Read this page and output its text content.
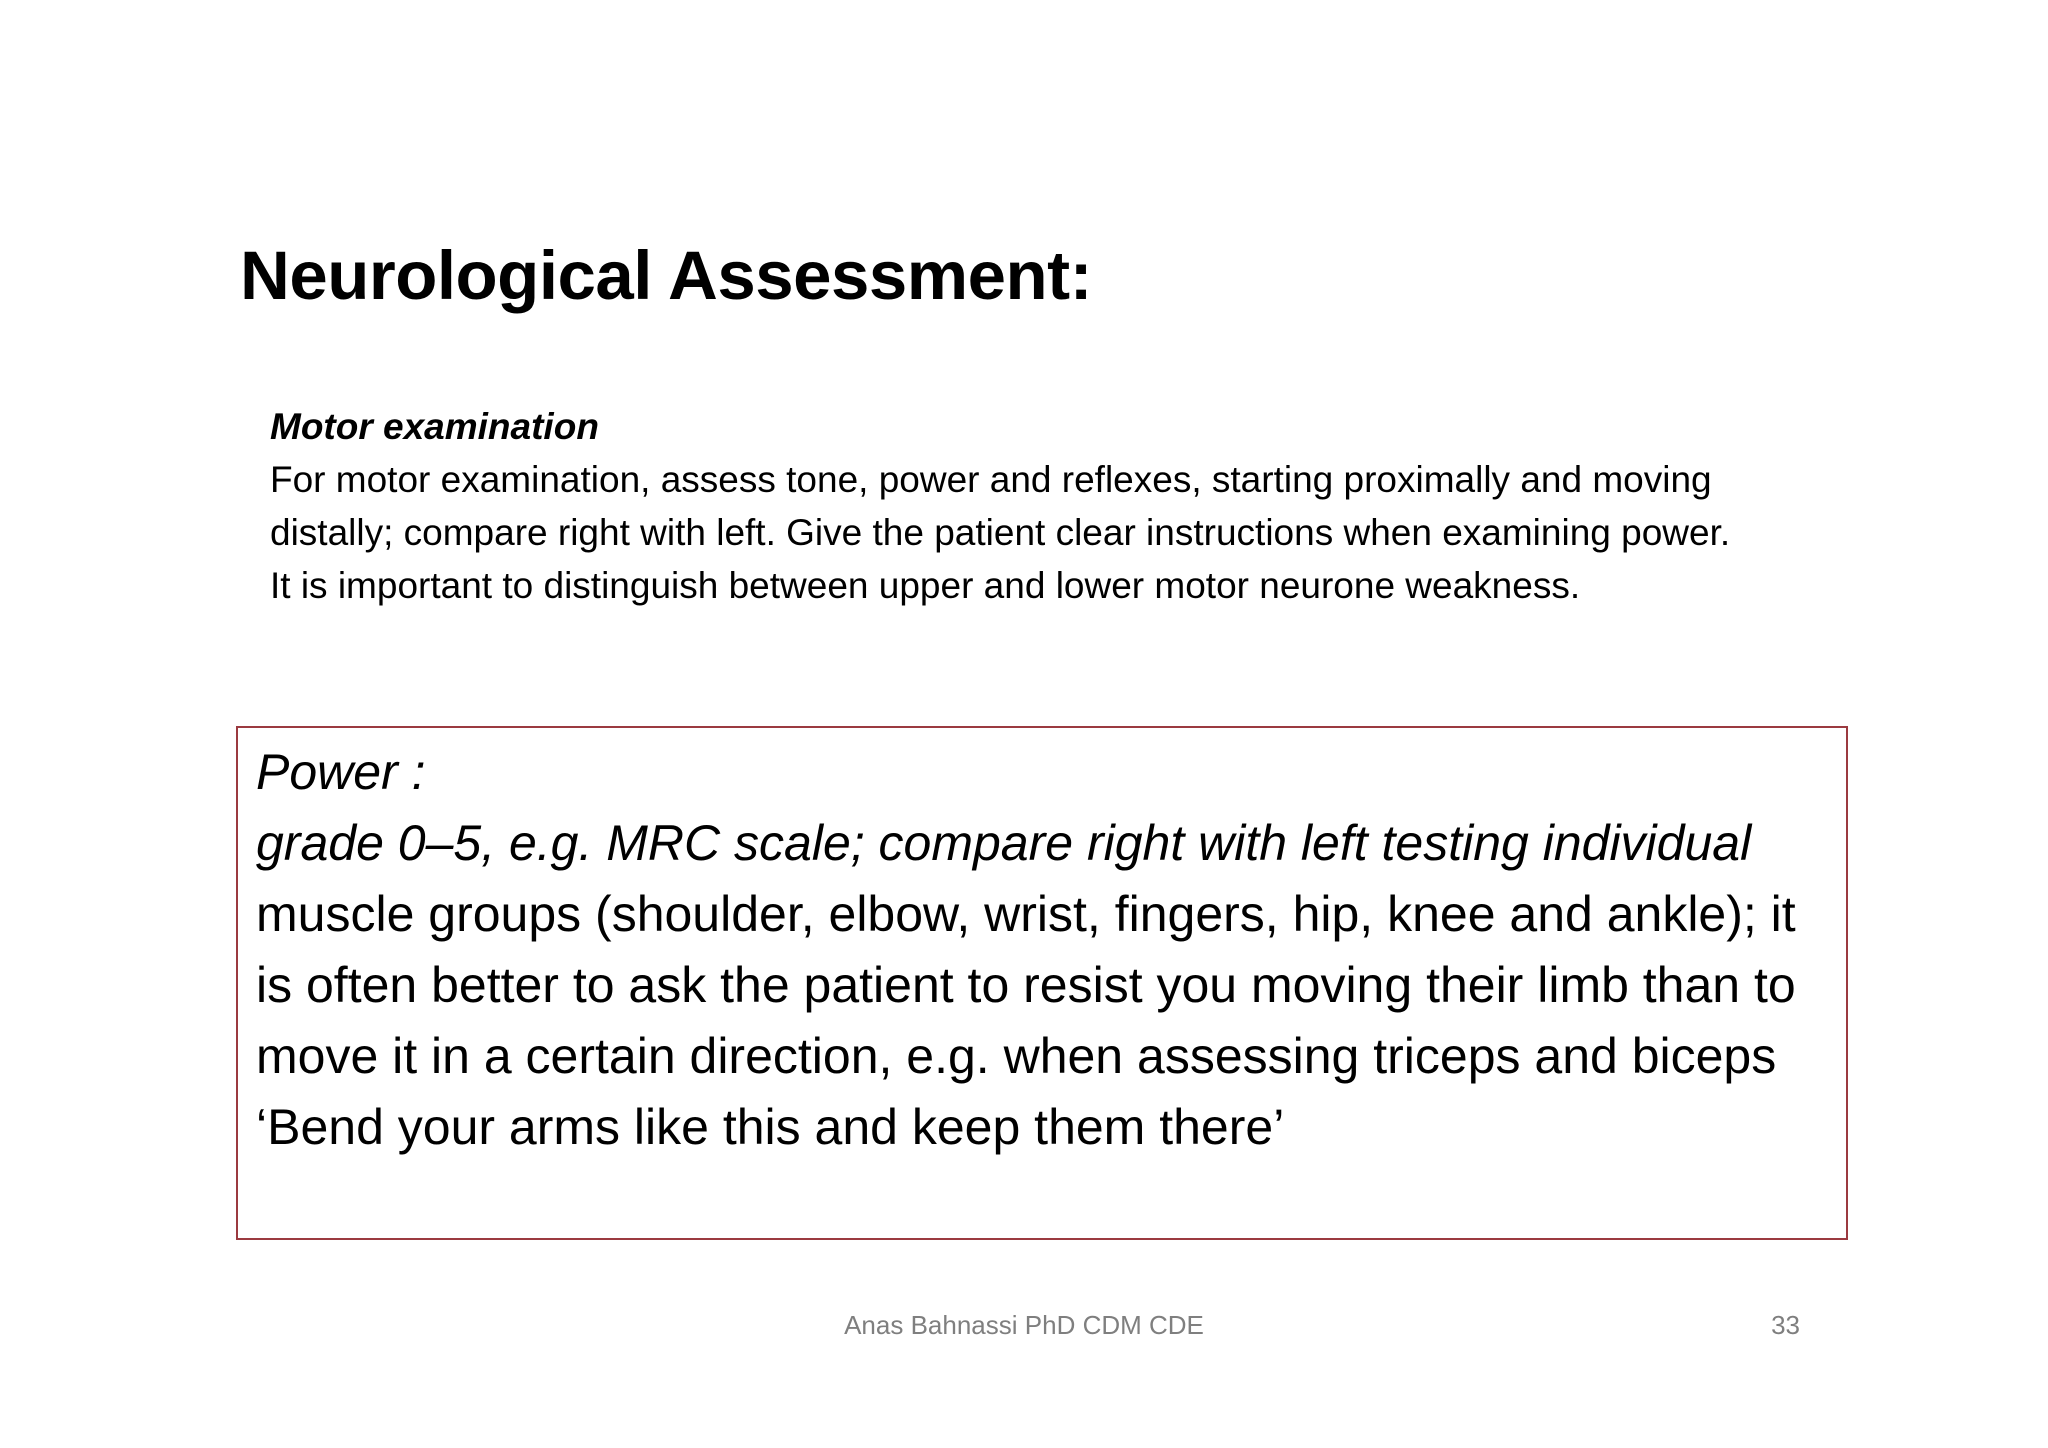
Neurological Assessment:
Motor examination
For motor examination, assess tone, power and reflexes, starting proximally and moving distally; compare right with left. Give the patient clear instructions when examining power. It is important to distinguish between upper and lower motor neurone weakness.
Power :
grade 0–5, e.g. MRC scale; compare right with left testing individual muscle groups (shoulder, elbow, wrist, fingers, hip, knee and ankle); it is often better to ask the patient to resist you moving their limb than to move it in a certain direction, e.g. when assessing triceps and biceps ‘Bend your arms like this and keep them there’
Anas Bahnassi PhD CDM CDE	33
